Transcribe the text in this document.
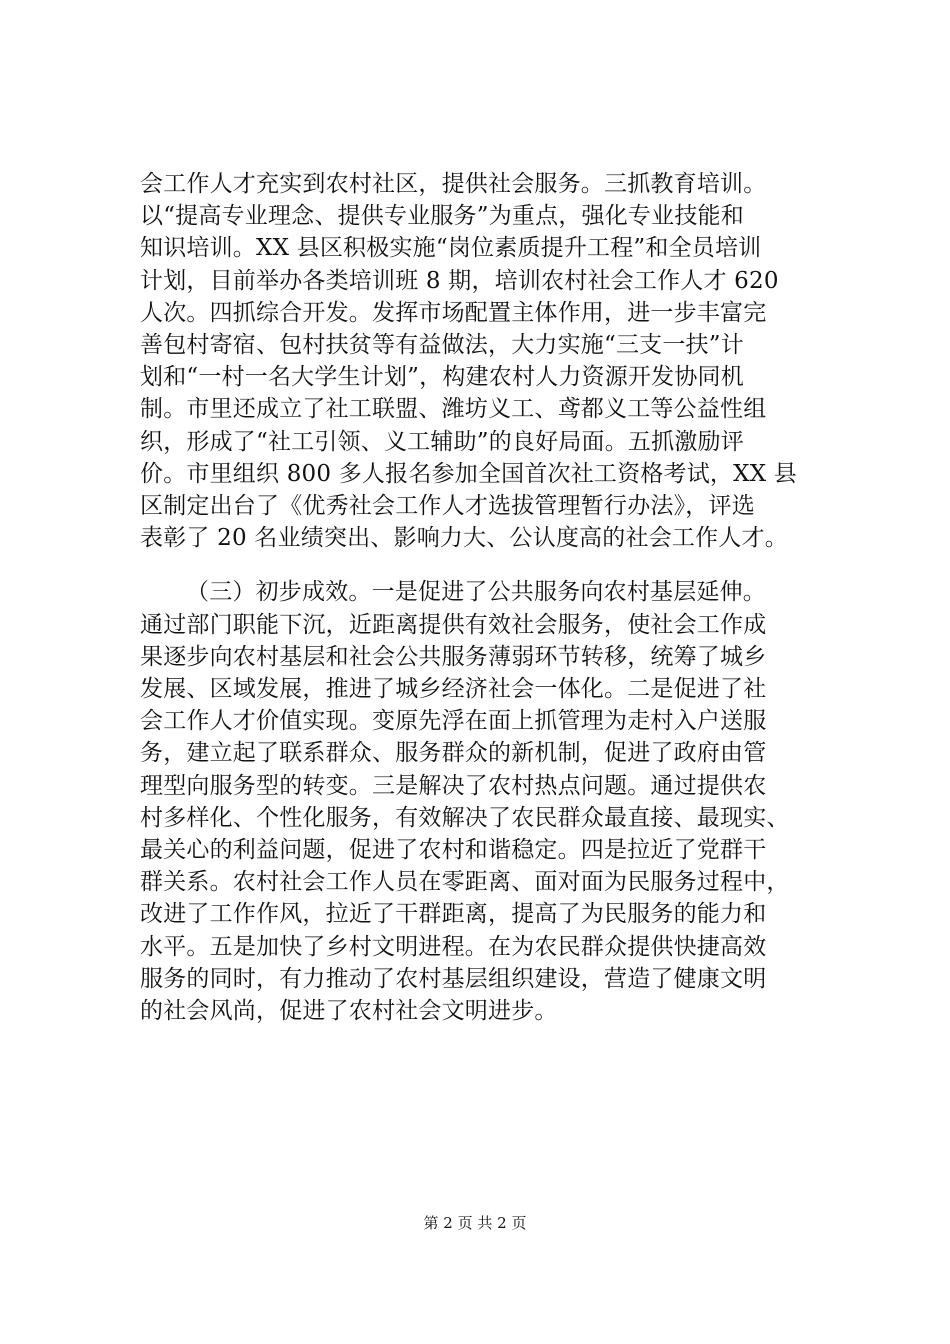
会工作人才充实到农村社区，提供社会服务。三抓教育培训。
以“提高专业理念、提供专业服务”为重点，强化专业技能和
知识培训。XX 县区积极实施“岗位素质提升工程”和全员培训
计划，目前举办各类培训班 8 期，培训农村社会工作人才 620
人次。四抓综合开发。发挥市场配置主体作用，进一步丰富完
善包村寄宿、包村扶贫等有益做法，大力实施“三支一扶”计
划和“一村一名大学生计划”，构建农村人力资源开发协同机
制。市里还成立了社工联盟、潍坊义工、鸢都义工等公益性组
织，形成了“社工引领、义工辅助”的良好局面。五抓激励评
价。市里组织 800 多人报名参加全国首次社工资格考试，XX 县
区制定出台了《优秀社会工作人才选拔管理暂行办法》，评选
表彰了 20 名业绩突出、影响力大、公认度高的社会工作人才。
（三）初步成效。一是促进了公共服务向农村基层延伸。
通过部门职能下沉，近距离提供有效社会服务，使社会工作成
果逐步向农村基层和社会公共服务薄弱环节转移，统筹了城乡
发展、区域发展，推进了城乡经济社会一体化。二是促进了社
会工作人才价值实现。变原先浮在面上抓管理为走村入户送服
务，建立起了联系群众、服务群众的新机制，促进了政府由管
理型向服务型的转变。三是解决了农村热点问题。通过提供农
村多样化、个性化服务，有效解决了农民群众最直接、最现实、
最关心的利益问题，促进了农村和谐稳定。四是拉近了党群干
群关系。农村社会工作人员在零距离、面对面为民服务过程中，
改进了工作作风，拉近了干群距离，提高了为民服务的能力和
水平。五是加快了乡村文明进程。在为农民群众提供快捷高效
服务的同时，有力推动了农村基层组织建设，营造了健康文明
的社会风尚，促进了农村社会文明进步。
第 2 页 共 2 页
